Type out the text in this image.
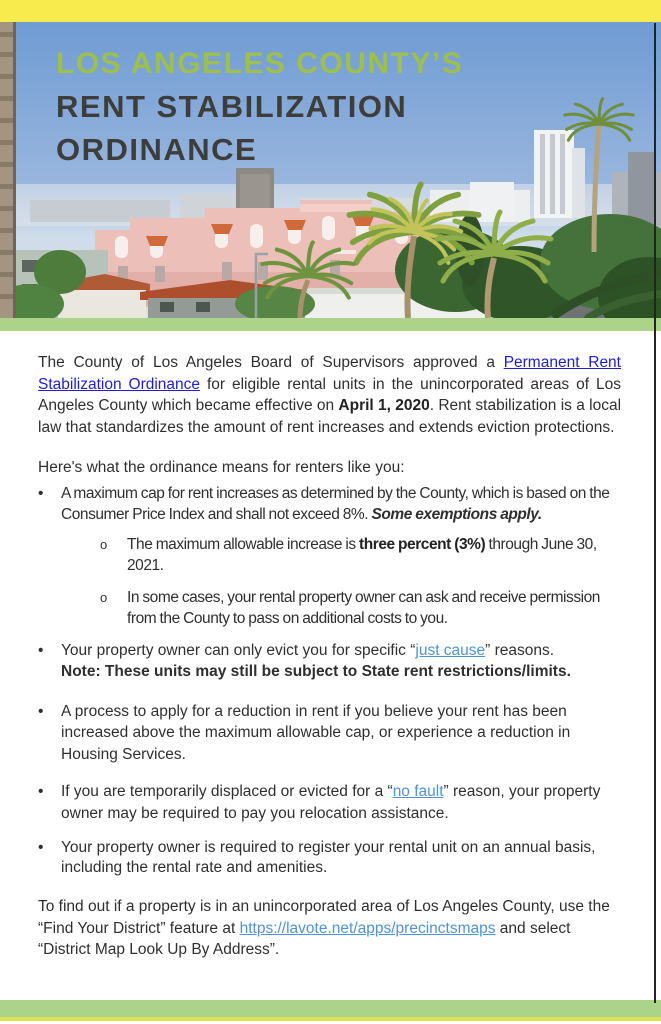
LOS ANGELES COUNTY’S
RENT STABILIZATION
ORDINANCE

The County of Los Angeles Board of Supervisors approved a Permanent Rent Stabilization Ordinance for eligible rental units in the unincorporated areas of Los Angeles County which became effective on April 1, 2020. Rent stabilization is a local law that standardizes the amount of rent increases and extends eviction protections.

Here's what the ordinance means for renters like you:

•	A maximum cap for rent increases as determined by the County, which is based on the Consumer Price Index and shall not exceed 8%. Some exemptions apply.
o	The maximum allowable increase is three percent (3%) through June 30, 2021.
o	In some cases, your rental property owner can ask and receive permission from the County to pass on additional costs to you.
•	Your property owner can only evict you for specific “just cause” reasons.
Note: These units may still be subject to State rent restrictions/limits.
•	A process to apply for a reduction in rent if you believe your rent has been increased above the maximum allowable cap, or experience a reduction in Housing Services.
•	If you are temporarily displaced or evicted for a “no fault” reason, your property owner may be required to pay you relocation assistance.
•	Your property owner is required to register your rental unit on an annual basis, including the rental rate and amenities.

To find out if a property is in an unincorporated area of Los Angeles County, use the “Find Your District” feature at https://lavote.net/apps/precinctsmaps and select “District Map Look Up By Address”.
